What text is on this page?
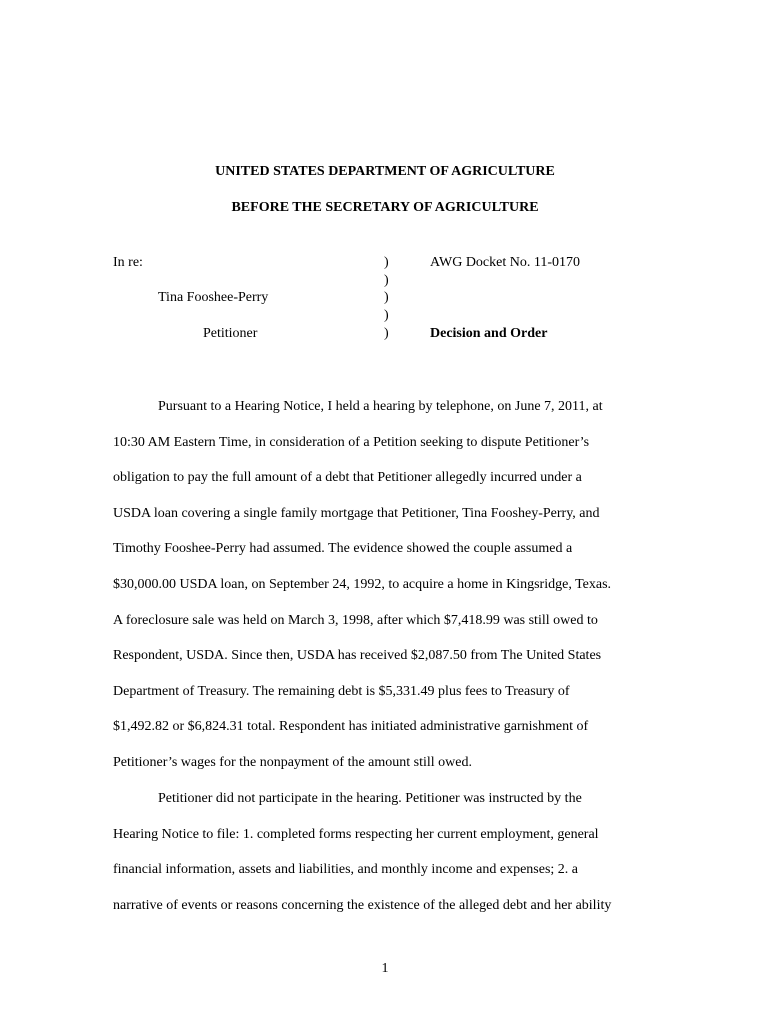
UNITED STATES DEPARTMENT OF AGRICULTURE
BEFORE THE SECRETARY OF AGRICULTURE
In re:
Tina Fooshee-Perry
Petitioner
)
)
)
)
)
AWG Docket No. 11-0170
Decision and Order
Pursuant to a Hearing Notice, I held a hearing by telephone, on June 7, 2011, at
10:30 AM Eastern Time, in consideration of a Petition seeking to dispute Petitioner’s
obligation to pay the full amount of a debt that Petitioner allegedly incurred under a
USDA loan covering a single family mortgage that Petitioner, Tina Fooshey-Perry, and
Timothy Fooshee-Perry had assumed. The evidence showed the couple assumed a
$30,000.00 USDA loan, on September 24, 1992, to acquire a home in Kingsridge, Texas.
A foreclosure sale was held on March 3, 1998, after which $7,418.99 was still owed to
Respondent, USDA. Since then, USDA has received $2,087.50 from The United States
Department of Treasury. The remaining debt is $5,331.49 plus fees to Treasury of
$1,492.82 or $6,824.31 total. Respondent has initiated administrative garnishment of
Petitioner’s wages for the nonpayment of the amount still owed.
Petitioner did not participate in the hearing. Petitioner was instructed by the
Hearing Notice to file: 1. completed forms respecting her current employment, general
financial information, assets and liabilities, and monthly income and expenses; 2. a
narrative of events or reasons concerning the existence of the alleged debt and her ability
1
